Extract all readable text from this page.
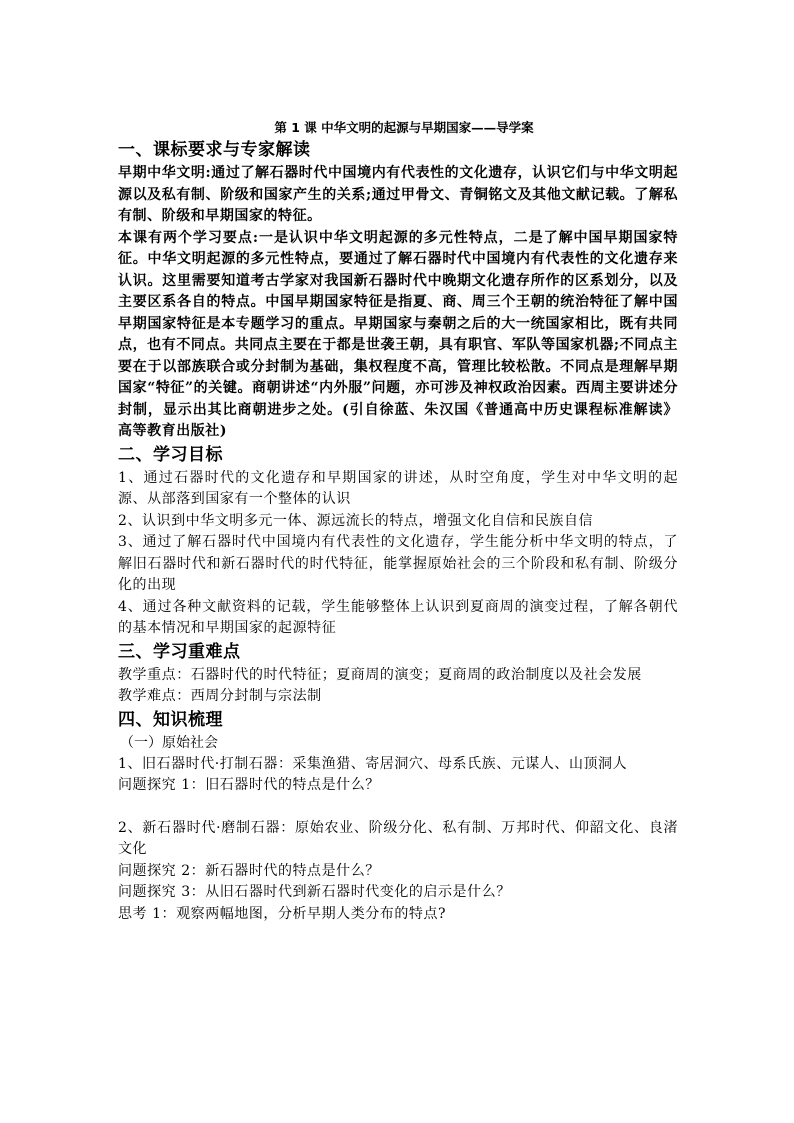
第 1 课 中华文明的起源与早期国家——导学案
一、课标要求与专家解读

早期中华文明:通过了解石器时代中国境内有代表性的文化遗存，认识它们与中华文明起源以及私有制、阶级和国家产生的关系;通过甲骨文、青铜铭文及其他文献记载。了解私有制、阶级和早期国家的特征。

本课有两个学习要点:一是认识中华文明起源的多元性特点，二是了解中国早期国家特征。中华文明起源的多元性特点，要通过了解石器时代中国境内有代表性的文化遗存来认识。这里需要知道考古学家对我国新石器时代中晚期文化遗存所作的区系划分，以及主要区系各自的特点。中国早期国家特征是指夏、商、周三个王朝的统治特征了解中国早期国家特征是本专题学习的重点。早期国家与秦朝之后的大一统国家相比，既有共同点，也有不同点。共同点主要在于都是世袭王朝，具有职官、军队等国家机器;不同点主要在于以部族联合或分封制为基础，集权程度不高，管理比较松散。不同点是理解早期国家“特征”的关键。商朝讲述“内外服”问题，亦可涉及神权政治因素。西周主要讲述分封制，显示出其比商朝进步之处。(引自徐蓝、朱汉国《普通高中历史课程标准解读》高等教育出版社)

二、学习目标

1、通过石器时代的文化遗存和早期国家的讲述，从时空角度，学生对中华文明的起源、从部落到国家有一个整体的认识

2、认识到中华文明多元一体、源远流长的特点，增强文化自信和民族自信

3、通过了解石器时代中国境内有代表性的文化遗存，学生能分析中华文明的特点，了解旧石器时代和新石器时代的时代特征，能掌握原始社会的三个阶段和私有制、阶级分化的出现

4、通过各种文献资料的记载，学生能够整体上认识到夏商周的演变过程，了解各朝代的基本情况和早期国家的起源特征

三、学习重难点

教学重点：石器时代的时代特征；夏商周的演变；夏商周的政治制度以及社会发展

教学难点：西周分封制与宗法制

四、知识梳理
（一）原始社会

1、旧石器时代·打制石器：采集渔猎、寄居洞穴、母系氏族、元谋人、山顶洞人

问题探究 1：旧石器时代的特点是什么？

2、新石器时代·磨制石器：原始农业、阶级分化、私有制、万邦时代、仰韶文化、良渚文化

问题探究 2：新石器时代的特点是什么？

问题探究 3：从旧石器时代到新石器时代变化的启示是什么？

思考 1：观察两幅地图，分析早期人类分布的特点?
